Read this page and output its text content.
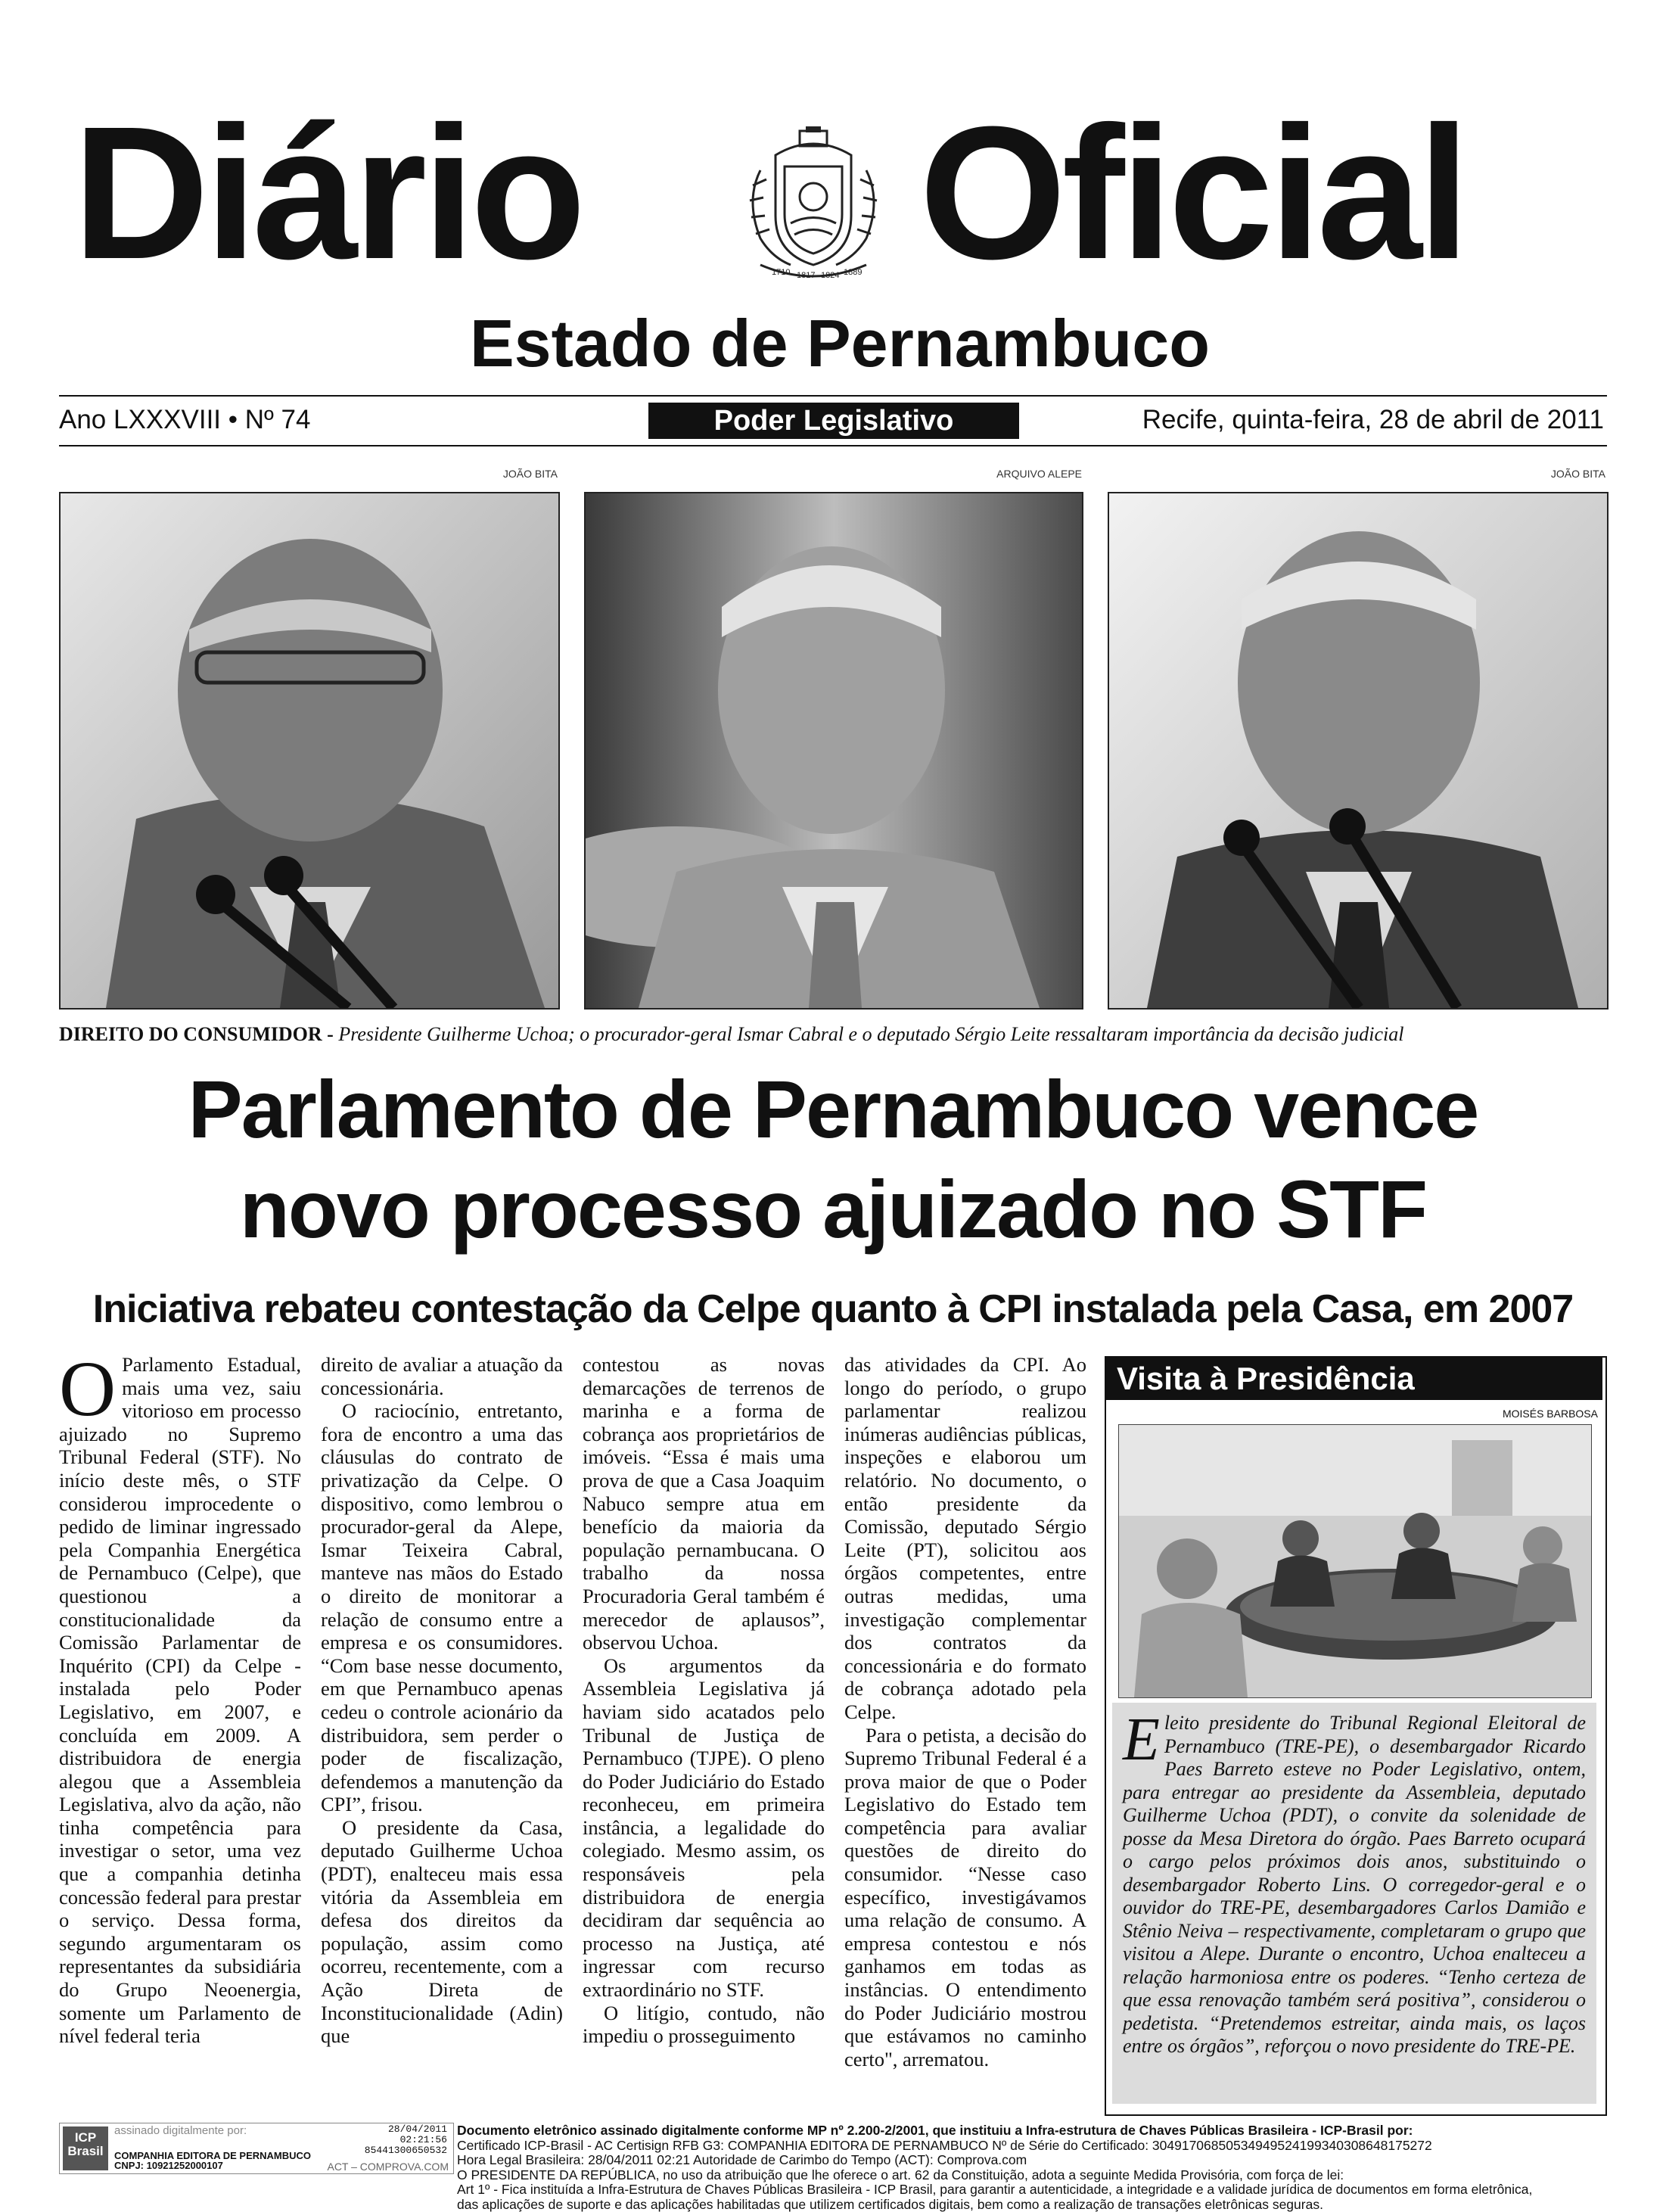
Diário	1710 1817 1824 1889 Oficial
Estado de Pernambuco
Ano LXXXVIII • Nº 74	Poder Legislativo	Recife, quinta-feira, 28 de abril de 2011
JOÃO BITA	ARQUIVO ALEPE	JOÃO BITA
DIREITO DO CONSUMIDOR - Presidente Guilherme Uchoa; o procurador-geral Ismar Cabral e o deputado Sérgio Leite ressaltaram importância da decisão judicial
Parlamento de Pernambuco vence
novo processo ajuizado no STF
Iniciativa rebateu contestação da Celpe quanto à CPI instalada pela Casa, em 2007

O Parlamento Estadual, mais uma vez, saiu vitorioso em processo ajuizado no Supremo Tribunal Federal (STF). No início deste mês, o STF considerou improcedente o pedido de liminar ingressado pela Companhia Energética de Pernambuco (Celpe), que questionou a constitucionalidade da Comissão Parlamentar de Inquérito (CPI) da Celpe - instalada pelo Poder Legislativo, em 2007, e concluída em 2009. A distribuidora de energia alegou que a Assembleia Legislativa, alvo da ação, não tinha competência para investigar o setor, uma vez que a companhia detinha concessão federal para prestar o serviço. Dessa forma, segundo argumentaram os representantes da subsidiária do Grupo Neoenergia, somente um Parlamento de nível federal teria

direito de avaliar a atuação da concessionária.

O raciocínio, entretanto, fora de encontro a uma das cláusulas do contrato de privatização da Celpe. O dispositivo, como lembrou o procurador-geral da Alepe, Ismar Teixeira Cabral, manteve nas mãos do Estado o direito de monitorar a relação de consumo entre a empresa e os consumidores. “Com base nesse documento, em que Pernambuco apenas cedeu o controle acionário da distribuidora, sem perder o poder de fiscalização, defendemos a manutenção da CPI”, frisou.

O presidente da Casa, deputado Guilherme Uchoa (PDT), enalteceu mais essa vitória da Assembleia em defesa dos direitos da população, assim como ocorreu, recentemente, com a Ação Direta de Inconstitucionalidade (Adin) que

contestou as novas demarcações de terrenos de marinha e a forma de cobrança aos proprietários de imóveis. “Essa é mais uma prova de que a Casa Joaquim Nabuco sempre atua em benefício da maioria da população pernambucana. O trabalho da nossa Procuradoria Geral também é merecedor de aplausos”, observou Uchoa.

Os argumentos da Assembleia Legislativa já haviam sido acatados pelo Tribunal de Justiça de Pernambuco (TJPE). O pleno do Poder Judiciário do Estado reconheceu, em primeira instância, a legalidade do colegiado. Mesmo assim, os responsáveis pela distribuidora de energia decidiram dar sequência ao processo na Justiça, até ingressar com recurso extraordinário no STF.

O litígio, contudo, não impediu o prosseguimento

das atividades da CPI. Ao longo do período, o grupo parlamentar realizou inúmeras audiências públicas, inspeções e elaborou um relatório. No documento, o então presidente da Comissão, deputado Sérgio Leite (PT), solicitou aos órgãos competentes, entre outras medidas, uma investigação complementar dos contratos da concessionária e do formato de cobrança adotado pela Celpe.

Para o petista, a decisão do Supremo Tribunal Federal é a prova maior de que o Poder Legislativo do Estado tem competência para avaliar questões de direito do consumidor. “Nesse caso específico, investigávamos uma relação de consumo. A empresa contestou e nós ganhamos em todas as instâncias. O entendimento do Poder Judiciário mostrou que estávamos no caminho certo", arrematou.

Visita à Presidência
MOISÉS BARBOSA
Eleito presidente do Tribunal Regional Eleitoral de Pernambuco (TRE-PE), o desembargador Ricardo Paes Barreto esteve no Poder Legislativo, ontem, para entregar ao presidente da Assembleia, deputado Guilherme Uchoa (PDT), o convite da solenidade de posse da Mesa Diretora do órgão. Paes Barreto ocupará o cargo pelos próximos dois anos, substituindo o desembargador Roberto Lins. O corregedor-geral e o ouvidor do TRE-PE, desembargadores Carlos Damião e Stênio Neiva – respectivamente, completaram o grupo que visitou a Alepe. Durante o encontro, Uchoa enalteceu a relação harmoniosa entre os poderes. “Tenho certeza de que essa renovação também será positiva”, considerou o pedetista. “Pretendemos estreitar, ainda mais, os laços entre os órgãos”, reforçou o novo presidente do TRE-PE.
ICP Brasil
assinado digitalmente por:	28/04/2011
02:21:56
85441300650532
COMPANHIA EDITORA DE PERNAMBUCO
CNPJ: 10921252000107	ACT – COMPROVA.COM
Documento eletrônico assinado digitalmente conforme MP nº 2.200-2/2001, que instituiu a Infra-estrutura de Chaves Públicas Brasileira - ICP-Brasil por:
Certificado ICP-Brasil - AC Certisign RFB G3: COMPANHIA EDITORA DE PERNAMBUCO Nº de Série do Certificado: 3049170685053494952419934030864817527​2
Hora Legal Brasileira: 28/04/2011 02:21 Autoridade de Carimbo do Tempo (ACT): Comprova.com
O PRESIDENTE DA REPÚBLICA, no uso da atribuição que lhe oferece o art. 62 da Constituição, adota a seguinte Medida Provisória, com força de lei:
Art 1º - Fica instituída a Infra-Estrutura de Chaves Públicas Brasileira - ICP Brasil, para garantir a autenticidade, a integridade e a validade jurídica de documentos em forma eletrônica,
das aplicações de suporte e das aplicações habilitadas que utilizem certificados digitais, bem como a realização de transações eletrônicas seguras.
